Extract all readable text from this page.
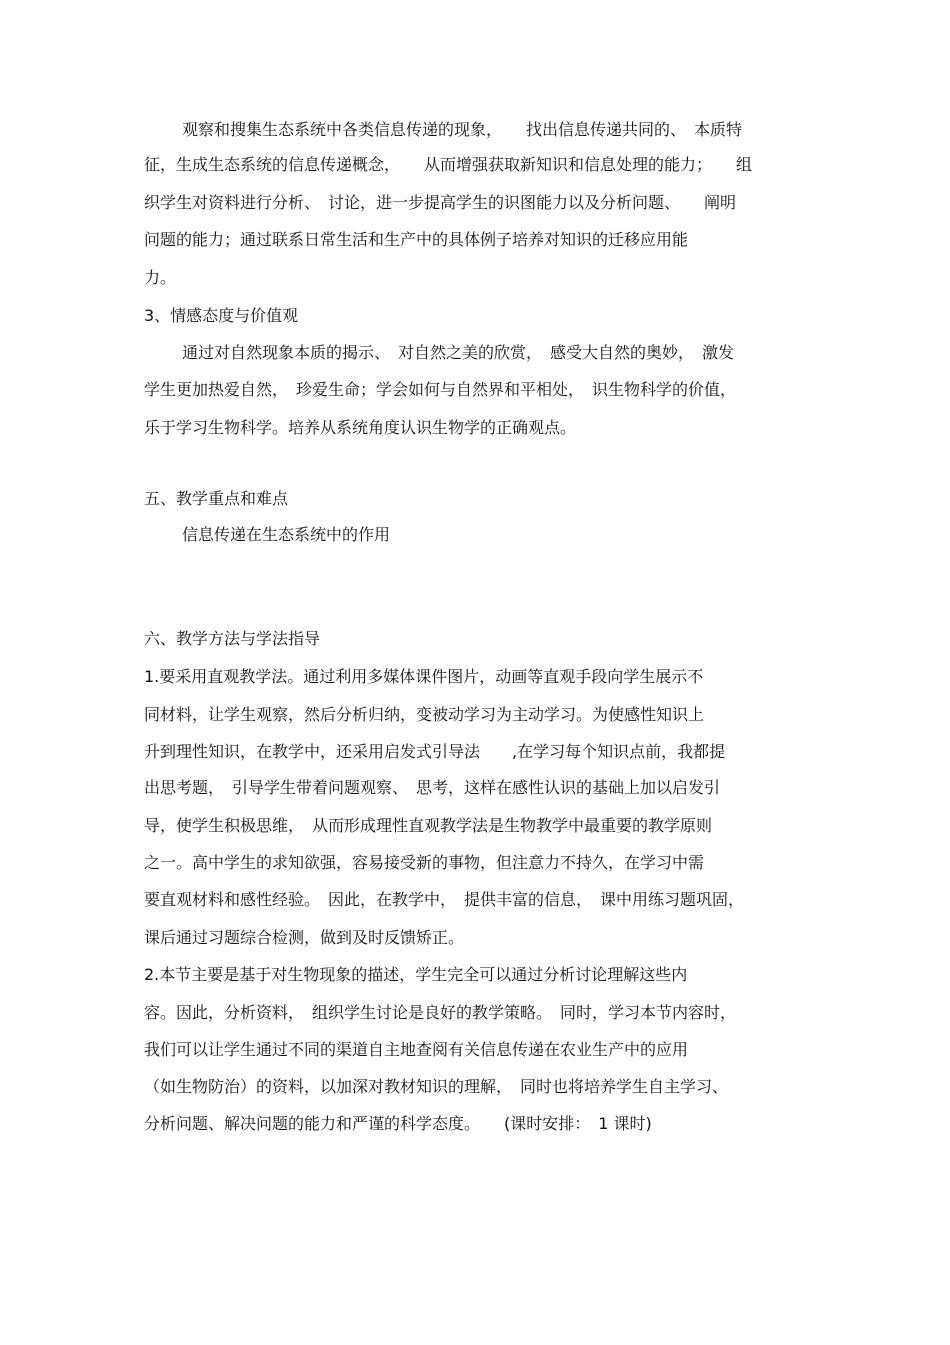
观察和搜集生态系统中各类信息传递的现象，　　找出信息传递共同的、　本质特
征，生成生态系统的信息传递概念，　　从而增强获取新知识和信息处理的能力；　　组
织学生对资料进行分析、　讨论，进一步提高学生的识图能力以及分析问题、　　阐明
问题的能力；通过联系日常生活和生产中的具体例子培养对知识的迁移应用能
力。
3、情感态度与价值观
通过对自然现象本质的揭示、　对自然之美的欣赏，　感受大自然的奥妙，　激发
学生更加热爱自然，　珍爱生命；学会如何与自然界和平相处，　识生物科学的价值，
乐于学习生物科学。培养从系统角度认识生物学的正确观点。
五、教学重点和难点
信息传递在生态系统中的作用
六、教学方法与学法指导
1.要采用直观教学法。通过利用多媒体课件图片，动画等直观手段向学生展示不
同材料，让学生观察，然后分析归纳，变被动学习为主动学习。为使感性知识上
升到理性知识，在教学中，还采用启发式引导法　　,在学习每个知识点前，我都提
出思考题，　引导学生带着问题观察、　思考，这样在感性认识的基础上加以启发引
导，使学生积极思维，　从而形成理性直观教学法是生物教学中最重要的教学原则
之一。高中学生的求知欲强，容易接受新的事物，但注意力不持久，在学习中需
要直观材料和感性经验。　因此，在教学中，　提供丰富的信息，　课中用练习题巩固，
课后通过习题综合检测，做到及时反馈矫正。
2.本节主要是基于对生物现象的描述，学生完全可以通过分析讨论理解这些内
容。因此，分析资料，　组织学生讨论是良好的教学策略。　同时，学习本节内容时，
我们可以让学生通过不同的渠道自主地查阅有关信息传递在农业生产中的应用
（如生物防治）的资料，以加深对教材知识的理解，　同时也将培养学生自主学习、
分析问题、解决问题的能力和严谨的科学态度。　　(课时安排：　1 课时)
